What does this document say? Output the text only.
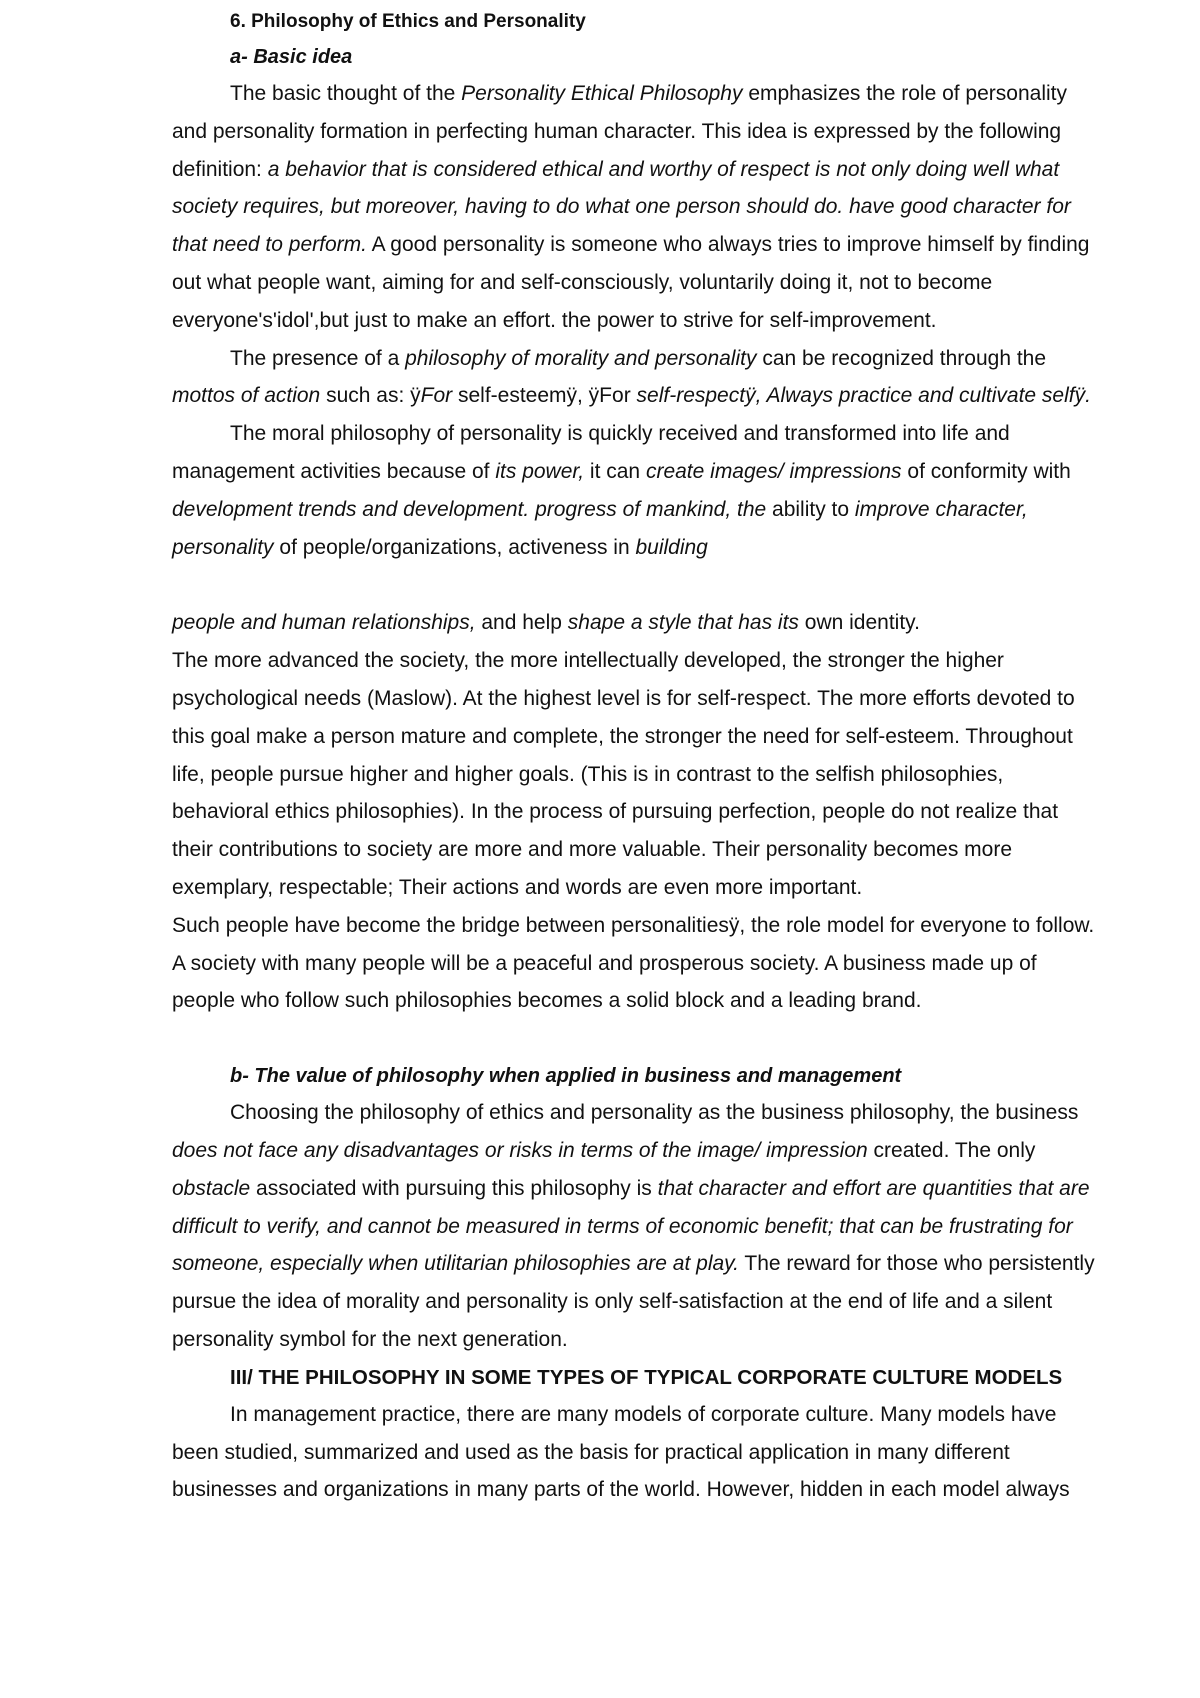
6. Philosophy of Ethics and Personality

a- Basic idea

The basic thought of the Personality Ethical Philosophy emphasizes the role of personality and personality formation in perfecting human character. This idea is expressed by the following definition: a behavior that is considered ethical and worthy of respect is not only doing well what society requires, but moreover, having to do what one person should do. have good character for that need to perform. A good personality is someone who always tries to improve himself by finding out what people want, aiming for and self-consciously, voluntarily doing it, not to become everyone's'idol',but just to make an effort. the power to strive for self-improvement.

The presence of a philosophy of morality and personality can be recognized through the mottos of action such as: ÿFor self-esteemÿ, ÿFor self-respectÿ, Always practice and cultivate selfÿ.

The moral philosophy of personality is quickly received and transformed into life and management activities because of its power, it can create images/ impressions of conformity with development trends and development. progress of mankind, the ability to improve character, personality of people/organizations, activeness in building

people and human relationships, and help shape a style that has its own identity.

The more advanced the society, the more intellectually developed, the stronger the higher psychological needs (Maslow). At the highest level is for self-respect. The more efforts devoted to this goal make a person mature and complete, the stronger the need for self-esteem. Throughout life, people pursue higher and higher goals. (This is in contrast to the selfish philosophies, behavioral ethics philosophies). In the process of pursuing perfection, people do not realize that their contributions to society are more and more valuable. Their personality becomes more exemplary, respectable; Their actions and words are even more important.

Such people have become the bridge between personalitiesÿ, the role model for everyone to follow. A society with many people will be a peaceful and prosperous society. A business made up of people who follow such philosophies becomes a solid block and a leading brand.

b- The value of philosophy when applied in business and management

Choosing the philosophy of ethics and personality as the business philosophy, the business does not face any disadvantages or risks in terms of the image/ impression created. The only obstacle associated with pursuing this philosophy is that character and effort are quantities that are difficult to verify, and cannot be measured in terms of economic benefit; that can be frustrating for someone, especially when utilitarian philosophies are at play. The reward for those who persistently pursue the idea of morality and personality is only self-satisfaction at the end of life and a silent personality symbol for the next generation.

III/ THE PHILOSOPHY IN SOME TYPES OF TYPICAL CORPORATE CULTURE MODELS

In management practice, there are many models of corporate culture. Many models have been studied, summarized and used as the basis for practical application in many different businesses and organizations in many parts of the world. However, hidden in each model always
